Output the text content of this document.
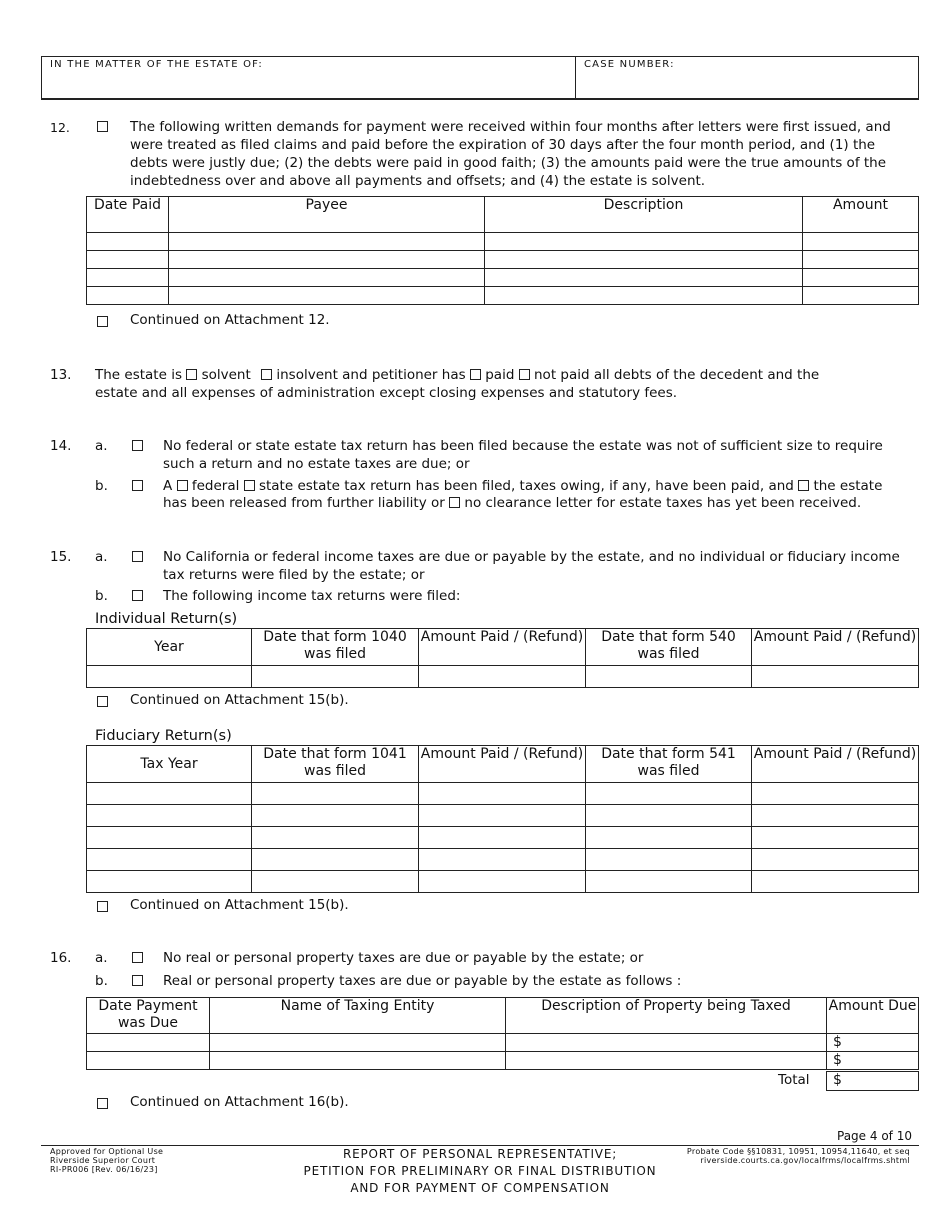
IN THE MATTER OF THE ESTATE OF:	CASE NUMBER:
12.	The following written demands for payment were received within four months after letters were first issued, and were treated as filed claims and paid before the expiration of 30 days after the four month period, and (1) the debts were justly due; (2) the debts were paid in good faith; (3) the amounts paid were the true amounts of the indebtedness over and above all payments and offsets; and (4) the estate is solvent.
Date Paid	Payee	Description	Amount

Continued on Attachment 12.
13. The estate is solvent insolvent and petitioner has paid not paid all debts of the decedent and the
estate and all expenses of administration except closing expenses and statutory fees.
14. a.	No federal or state estate tax return has been filed because the estate was not of sufficient size to require
such a return and no estate taxes are due; or
b.	A federal state estate tax return has been filed, taxes owing, if any, have been paid, and the estate
has been released from further liability or no clearance letter for estate taxes has yet been received.
15. a.	No California or federal income taxes are due or payable by the estate, and no individual or fiduciary income
tax returns were filed by the estate; or
b.	The following income tax returns were filed:
Individual Return(s)
Year	Date that form 1040 was filed	Amount Paid / (Refund)	Date that form 540 was filed	Amount Paid / (Refund)

Continued on Attachment 15(b).
Fiduciary Return(s)
Tax Year	Date that form 1041 was filed	Amount Paid / (Refund)	Date that form 541 was filed	Amount Paid / (Refund)

Continued on Attachment 15(b).
16. a.	No real or personal property taxes are due or payable by the estate; or
b.	Real or personal property taxes are due or payable by the estate as follows :
Date Payment was Due	Name of Taxing Entity	Description of Property being Taxed	Amount Due
			$
			$
Total	$
Continued on Attachment 16(b).
Page 4 of 10
Approved for Optional Use
Riverside Superior Court
RI-PR006 [Rev. 06/16/23]
REPORT OF PERSONAL REPRESENTATIVE;
PETITION FOR PRELIMINARY OR FINAL DISTRIBUTION
AND FOR PAYMENT OF COMPENSATION
Probate Code §§10831, 10951, 10954,11640, et seq
riverside.courts.ca.gov/localfrms/localfrms.shtml
